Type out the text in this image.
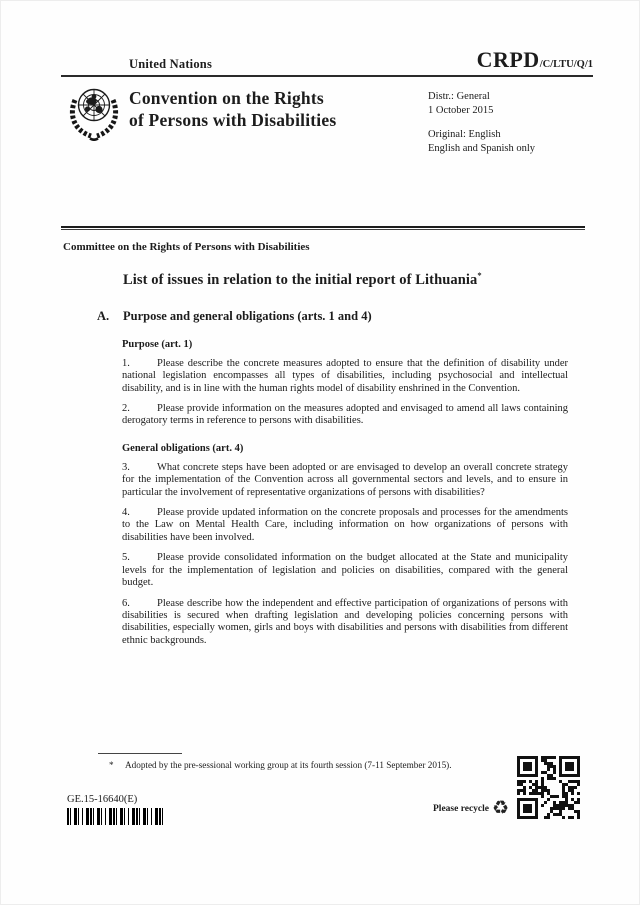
United Nations	CRPD/C/LTU/Q/1
Convention on the Rights
of Persons with Disabilities
Distr.: General
1 October 2015
Original: English
English and Spanish only
Committee on the Rights of Persons with Disabilities
List of issues in relation to the initial report of Lithuania*
A.	Purpose and general obligations (arts. 1 and 4)
Purpose (art. 1)

1.	Please describe the concrete measures adopted to ensure that the definition of disability under national legislation encompasses all types of disabilities, including psychosocial and intellectual disability, and is in line with the human rights model of disability enshrined in the Convention.

2.	Please provide information on the measures adopted and envisaged to amend all laws containing derogatory terms in reference to persons with disabilities.

General obligations (art. 4)

3.	What concrete steps have been adopted or are envisaged to develop an overall concrete strategy for the implementation of the Convention across all governmental sectors and levels, and to ensure in particular the involvement of representative organizations of persons with disabilities?

4.	Please provide updated information on the concrete proposals and processes for the amendments to the Law on Mental Health Care, including information on how organizations of persons with disabilities have been involved.

5.	Please provide consolidated information on the budget allocated at the State and municipality levels for the implementation of legislation and policies on disabilities, compared with the general budget.

6.	Please describe how the independent and effective participation of organizations of persons with disabilities is secured when drafting legislation and developing policies concerning persons with disabilities, especially women, girls and boys with disabilities and persons with disabilities from different ethnic backgrounds.

* Adopted by the pre-sessional working group at its fourth session (7-11 September 2015).
GE.15-16640(E)
Please recycle ♻
